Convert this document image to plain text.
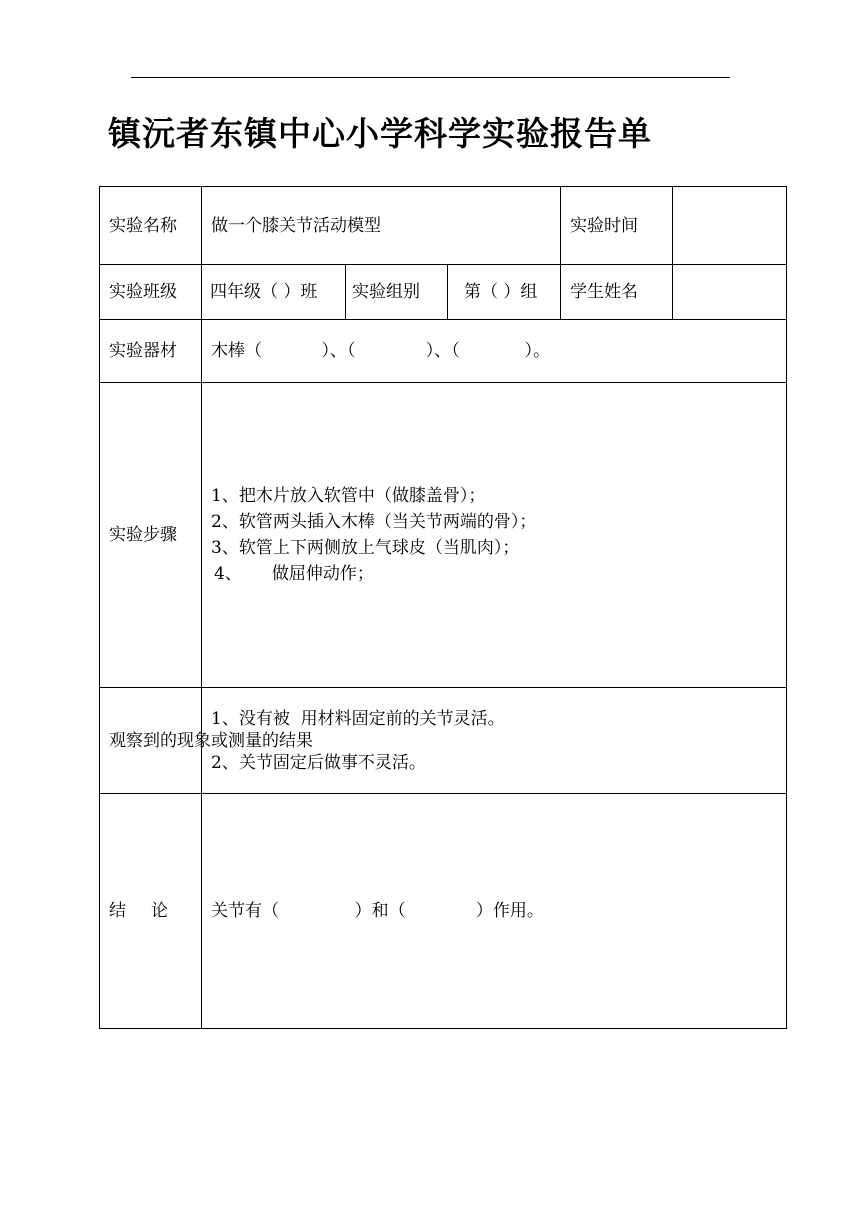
镇沅者东镇中心小学科学实验报告单
实验名称	做一个膝关节活动模型			实验时间	
实验班级	四年级（ ）班	实验组别	第（ ）组	学生姓名	
实验器材	木棒（           ）、（             ）、（            ）。				
实验步骤	1、把木片放入软管中（做膝盖骨）；
2、软管两头插入木棒（当关节两端的骨）；
3、软管上下两侧放上气球皮（当肌肉）；
4、 做屈伸动作；				

观察到的现象或测量的结果	1、没有被  用材料固定前的关节灵活。
2、关节固定后做事不灵活。				

结论	关节有（              ）和（             ）作用。				
